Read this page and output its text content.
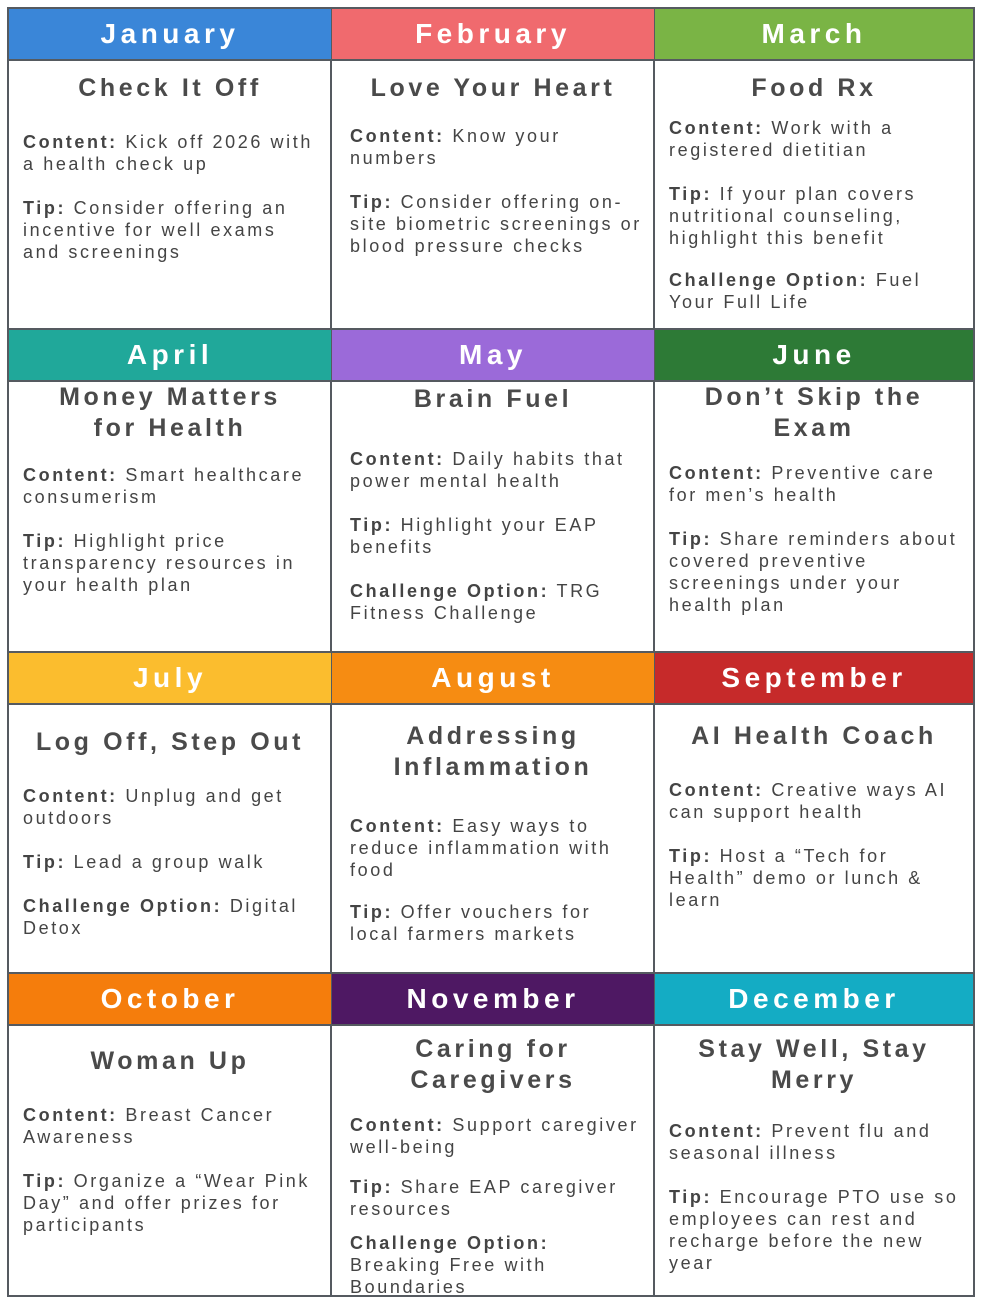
January

Check It Off

Content: Kick off 2026 with a health check up

Tip: Consider offering an incentive for well exams and screenings

February

Love Your Heart

Content: Know your numbers

Tip: Consider offering on-site biometric screenings or blood pressure checks

March

Food Rx

Content: Work with a registered dietitian

Tip: If your plan covers nutritional counseling, highlight this benefit

Challenge Option: Fuel Your Full Life

April

Money Matters for Health

Content: Smart healthcare consumerism

Tip: Highlight price transparency resources in your health plan

May

Brain Fuel

Content: Daily habits that power mental health

Tip: Highlight your EAP benefits

Challenge Option: TRG Fitness Challenge

June

Don’t Skip the Exam

Content: Preventive care for men’s health

Tip: Share reminders about covered preventive screenings under your health plan

July

Log Off, Step Out

Content: Unplug and get outdoors

Tip: Lead a group walk

Challenge Option: Digital Detox

August

Addressing Inflammation

Content: Easy ways to reduce inflammation with food

Tip: Offer vouchers for local farmers markets

September

AI Health Coach

Content: Creative ways AI can support health

Tip: Host a “Tech for Health” demo or lunch & learn

October

Woman Up

Content: Breast Cancer Awareness

Tip: Organize a “Wear Pink Day” and offer prizes for participants

November

Caring for Caregivers

Content: Support caregiver well-being

Tip: Share EAP caregiver resources

Challenge Option: Breaking Free with Boundaries

December

Stay Well, Stay Merry

Content: Prevent flu and seasonal illness

Tip: Encourage PTO use so employees can rest and recharge before the new year
